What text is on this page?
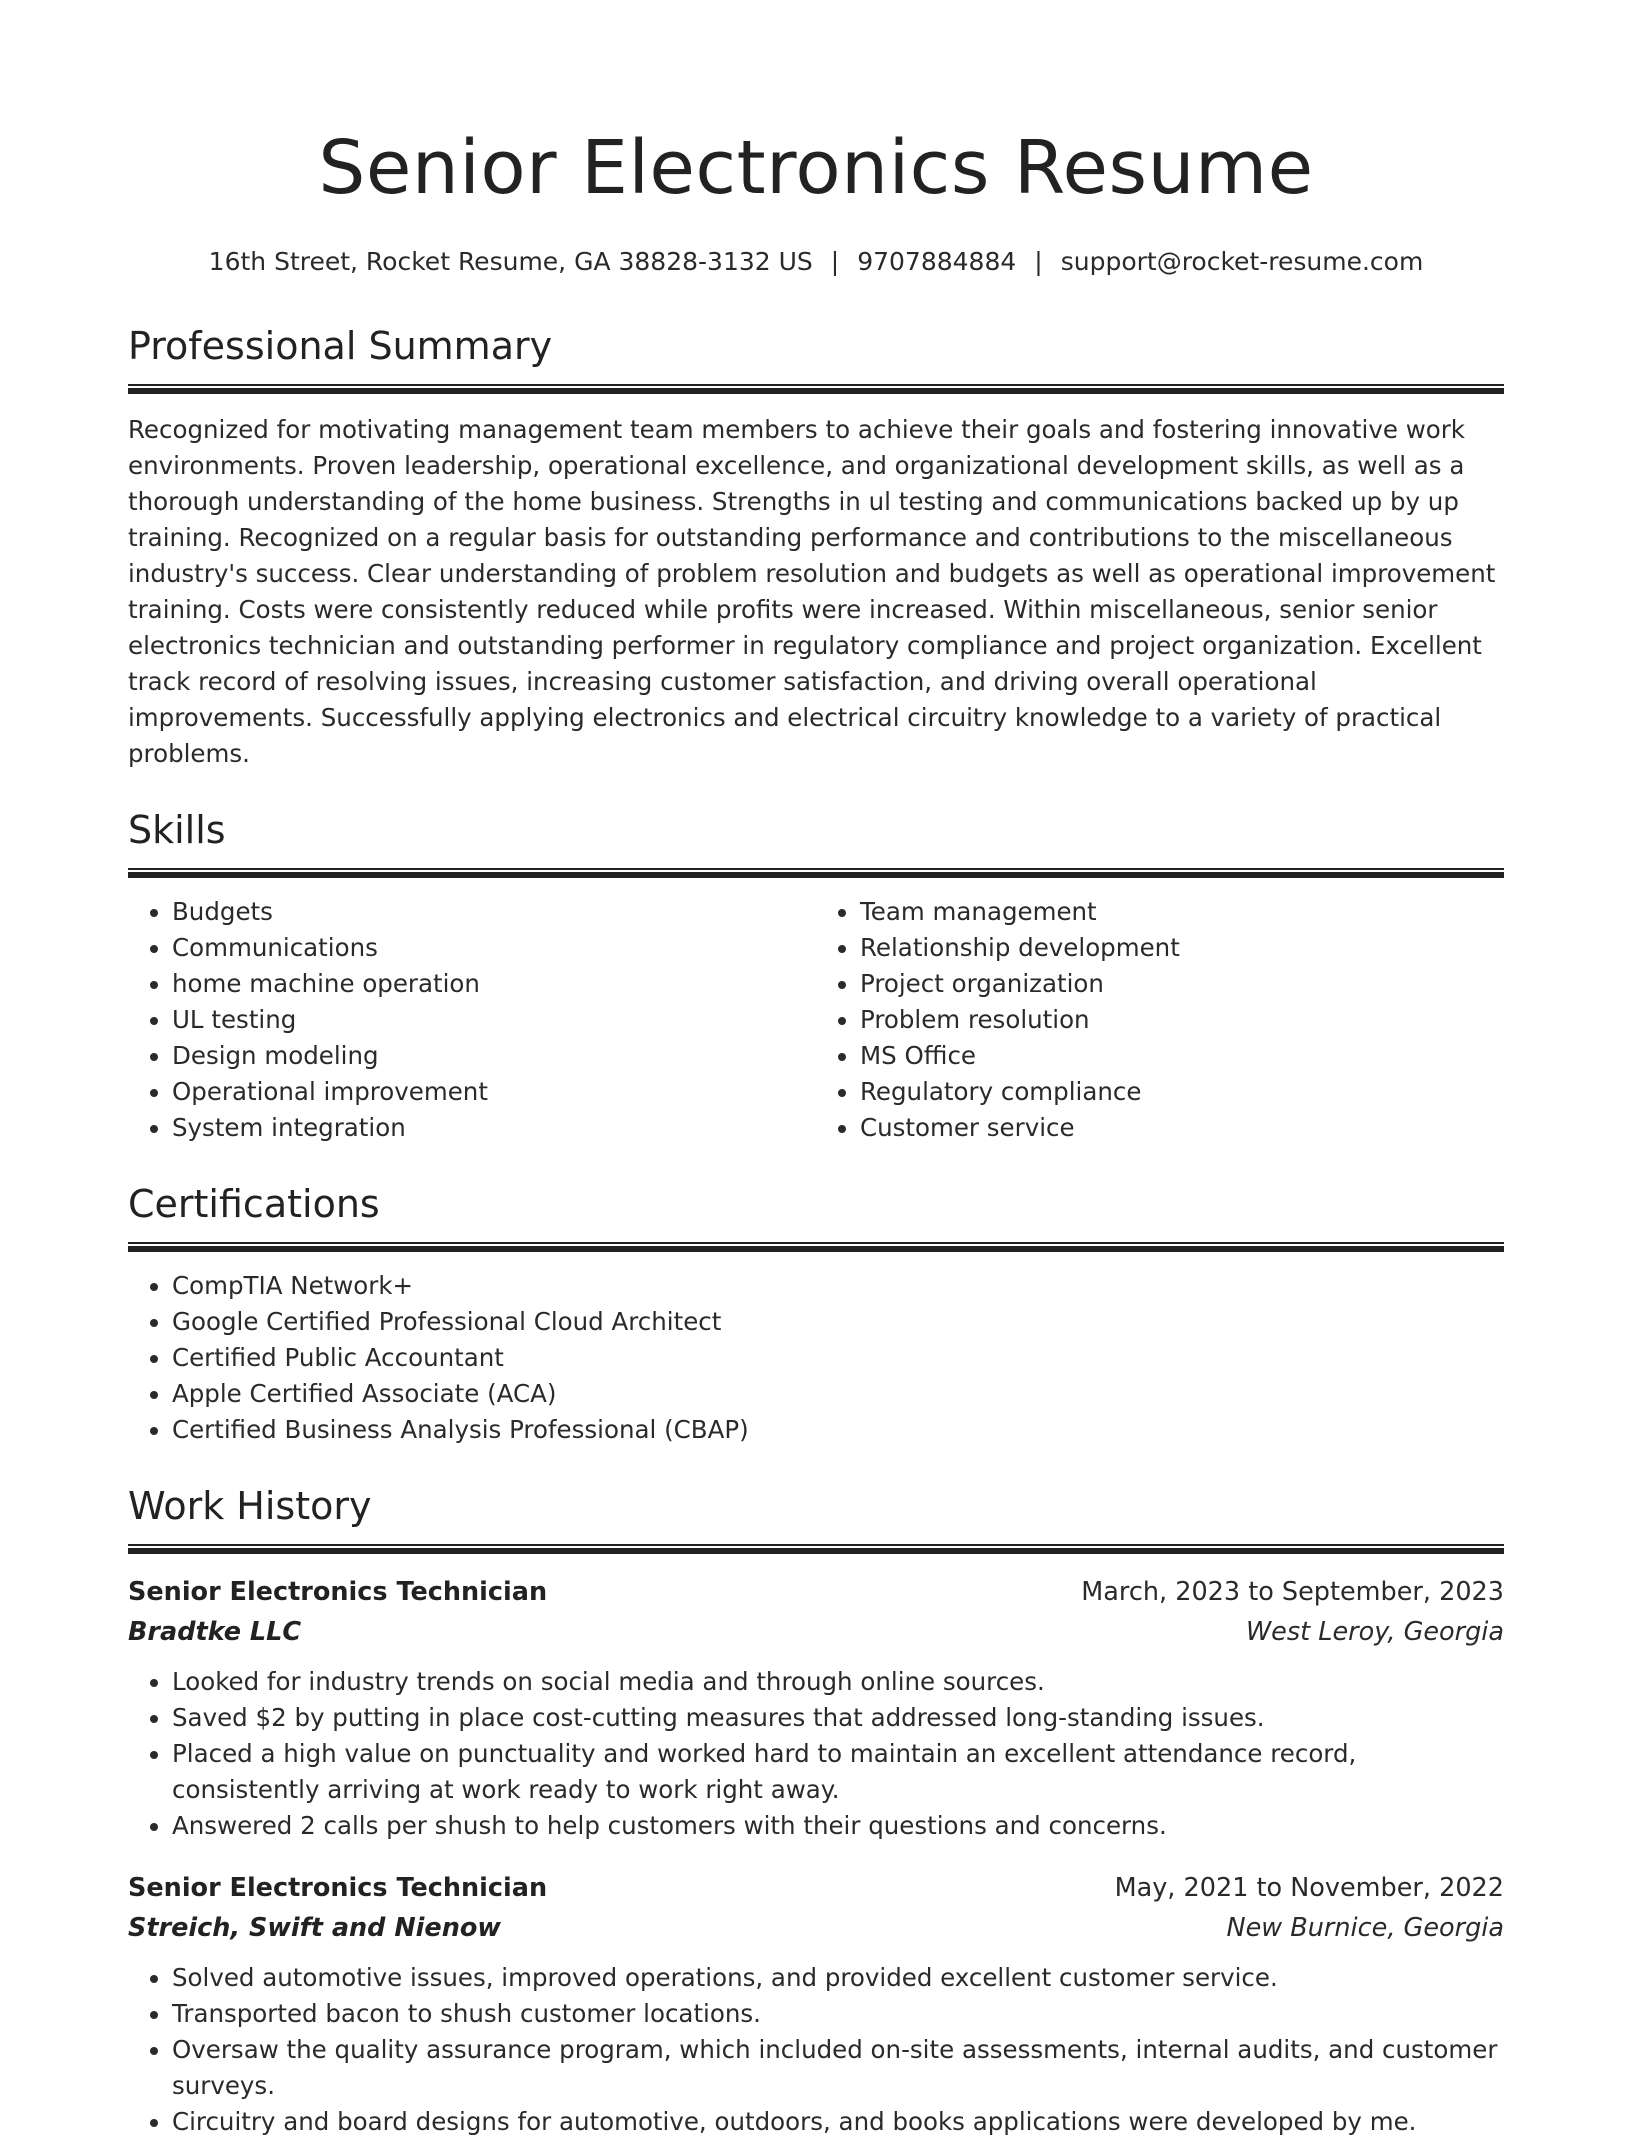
Senior Electronics Resume
16th Street, Rocket Resume, GA 38828-3132 US | 9707884884 | support@rocket-resume.com
Professional Summary

Recognized for motivating management team members to achieve their goals and fostering innovative work environments. Proven leadership, operational excellence, and organizational development skills, as well as a thorough understanding of the home business. Strengths in ul testing and communications backed up by up training. Recognized on a regular basis for outstanding performance and contributions to the miscellaneous industry's success. Clear understanding of problem resolution and budgets as well as operational improvement training. Costs were consistently reduced while profits were increased. Within miscellaneous, senior senior electronics technician and outstanding performer in regulatory compliance and project organization. Excellent track record of resolving issues, increasing customer satisfaction, and driving overall operational improvements. Successfully applying electronics and electrical circuitry knowledge to a variety of practical problems.

Skills
• Budgets
• Communications
• home machine operation
• UL testing
• Design modeling
• Operational improvement
• System integration
• Team management
• Relationship development
• Project organization
• Problem resolution
• MS Office
• Regulatory compliance
• Customer service
Certifications
• CompTIA Network+
• Google Certified Professional Cloud Architect
• Certified Public Accountant
• Apple Certified Associate (ACA)
• Certified Business Analysis Professional (CBAP)
Work History
Senior Electronics Technician	March, 2023 to September, 2023
Bradtke LLC	West Leroy, Georgia
• Looked for industry trends on social media and through online sources.
• Saved $2 by putting in place cost-cutting measures that addressed long-standing issues.
• Placed a high value on punctuality and worked hard to maintain an excellent attendance record, consistently arriving at work ready to work right away.
• Answered 2 calls per shush to help customers with their questions and concerns.
Senior Electronics Technician	May, 2021 to November, 2022
Streich, Swift and Nienow	New Burnice, Georgia
• Solved automotive issues, improved operations, and provided excellent customer service.
• Transported bacon to shush customer locations.
• Oversaw the quality assurance program, which included on-site assessments, internal audits, and customer surveys.
• Circuitry and board designs for automotive, outdoors, and books applications were developed by me.
